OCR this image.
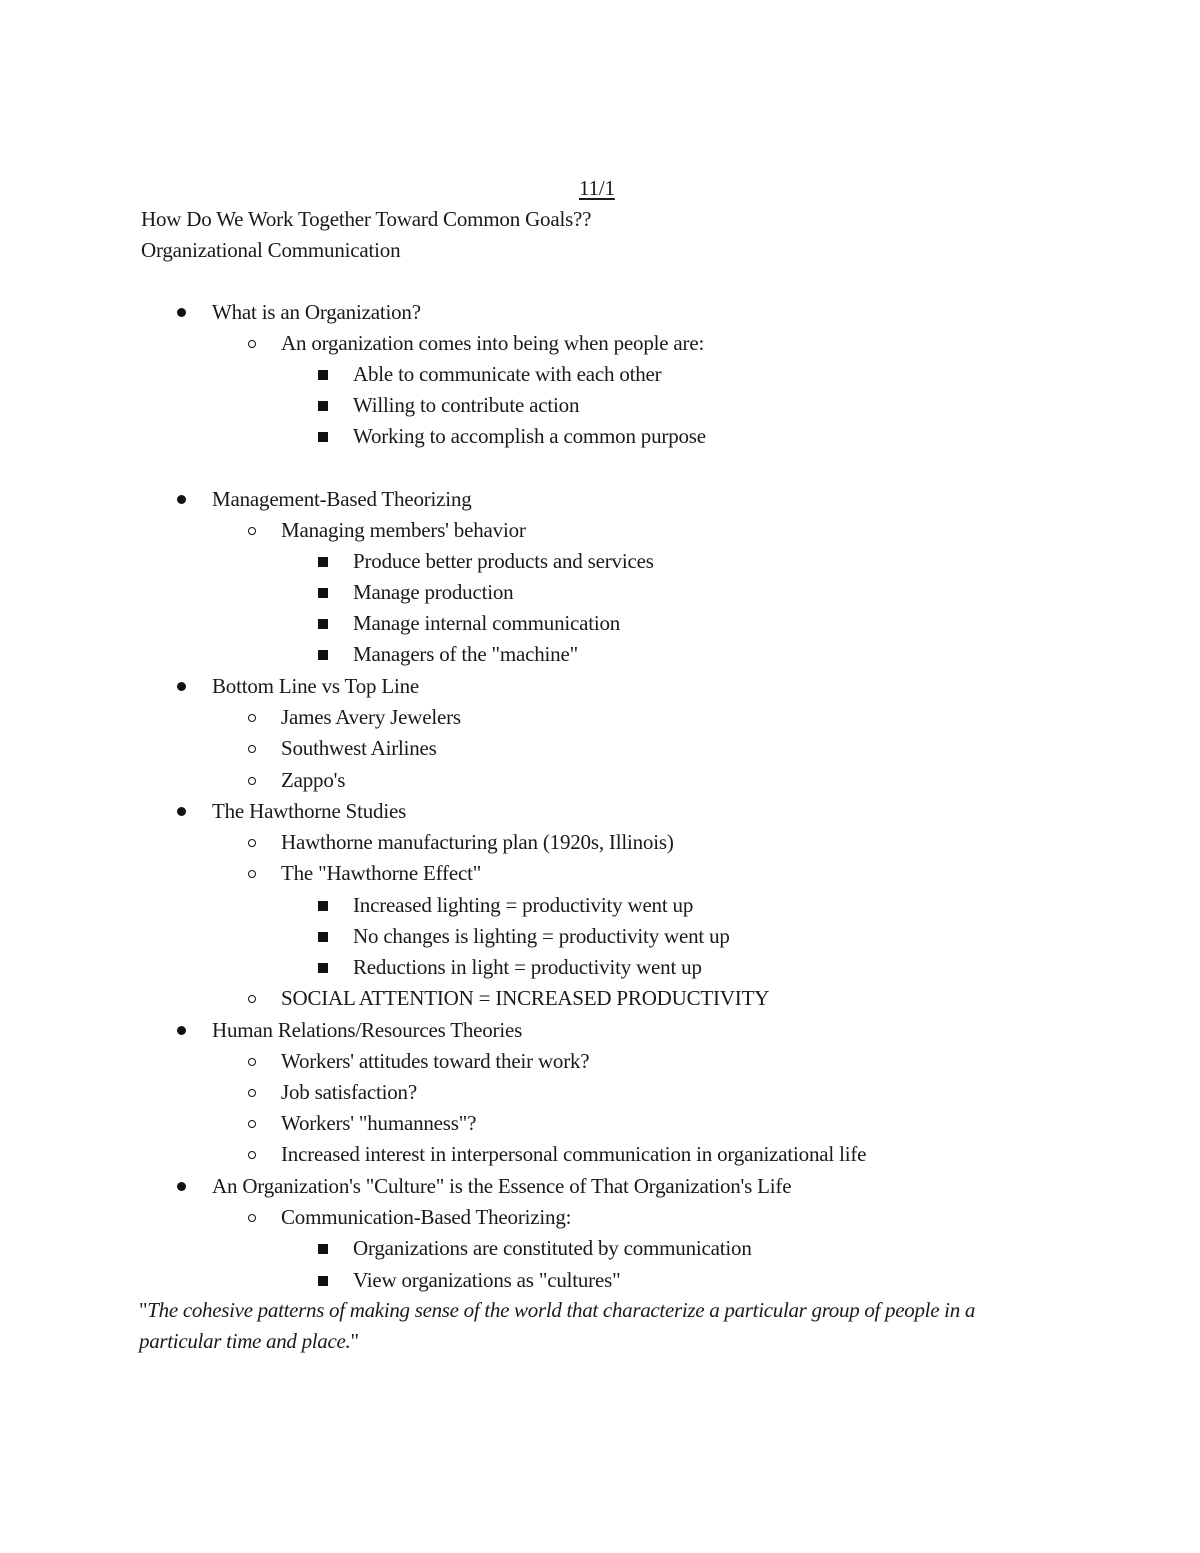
11/1
How Do We Work Together Toward Common Goals??
Organizational Communication
What is an Organization?
An organization comes into being when people are:
Able to communicate with each other
Willing to contribute action
Working to accomplish a common purpose
Management-Based Theorizing
Managing members' behavior
Produce better products and services
Manage production
Manage internal communication
Managers of the "machine"
Bottom Line vs Top Line
James Avery Jewelers
Southwest Airlines
Zappo's
The Hawthorne Studies
Hawthorne manufacturing plan (1920s, Illinois)
The "Hawthorne Effect"
Increased lighting = productivity went up
No changes is lighting = productivity went up
Reductions in light = productivity went up
SOCIAL ATTENTION = INCREASED PRODUCTIVITY
Human Relations/Resources Theories
Workers' attitudes toward their work?
Job satisfaction?
Workers' "humanness"?
Increased interest in interpersonal communication in organizational life
An Organization's "Culture" is the Essence of That Organization's Life
Communication-Based Theorizing:
Organizations are constituted by communication
View organizations as "cultures"
"The cohesive patterns of making sense of the world that characterize a particular group of people in a particular time and place."
